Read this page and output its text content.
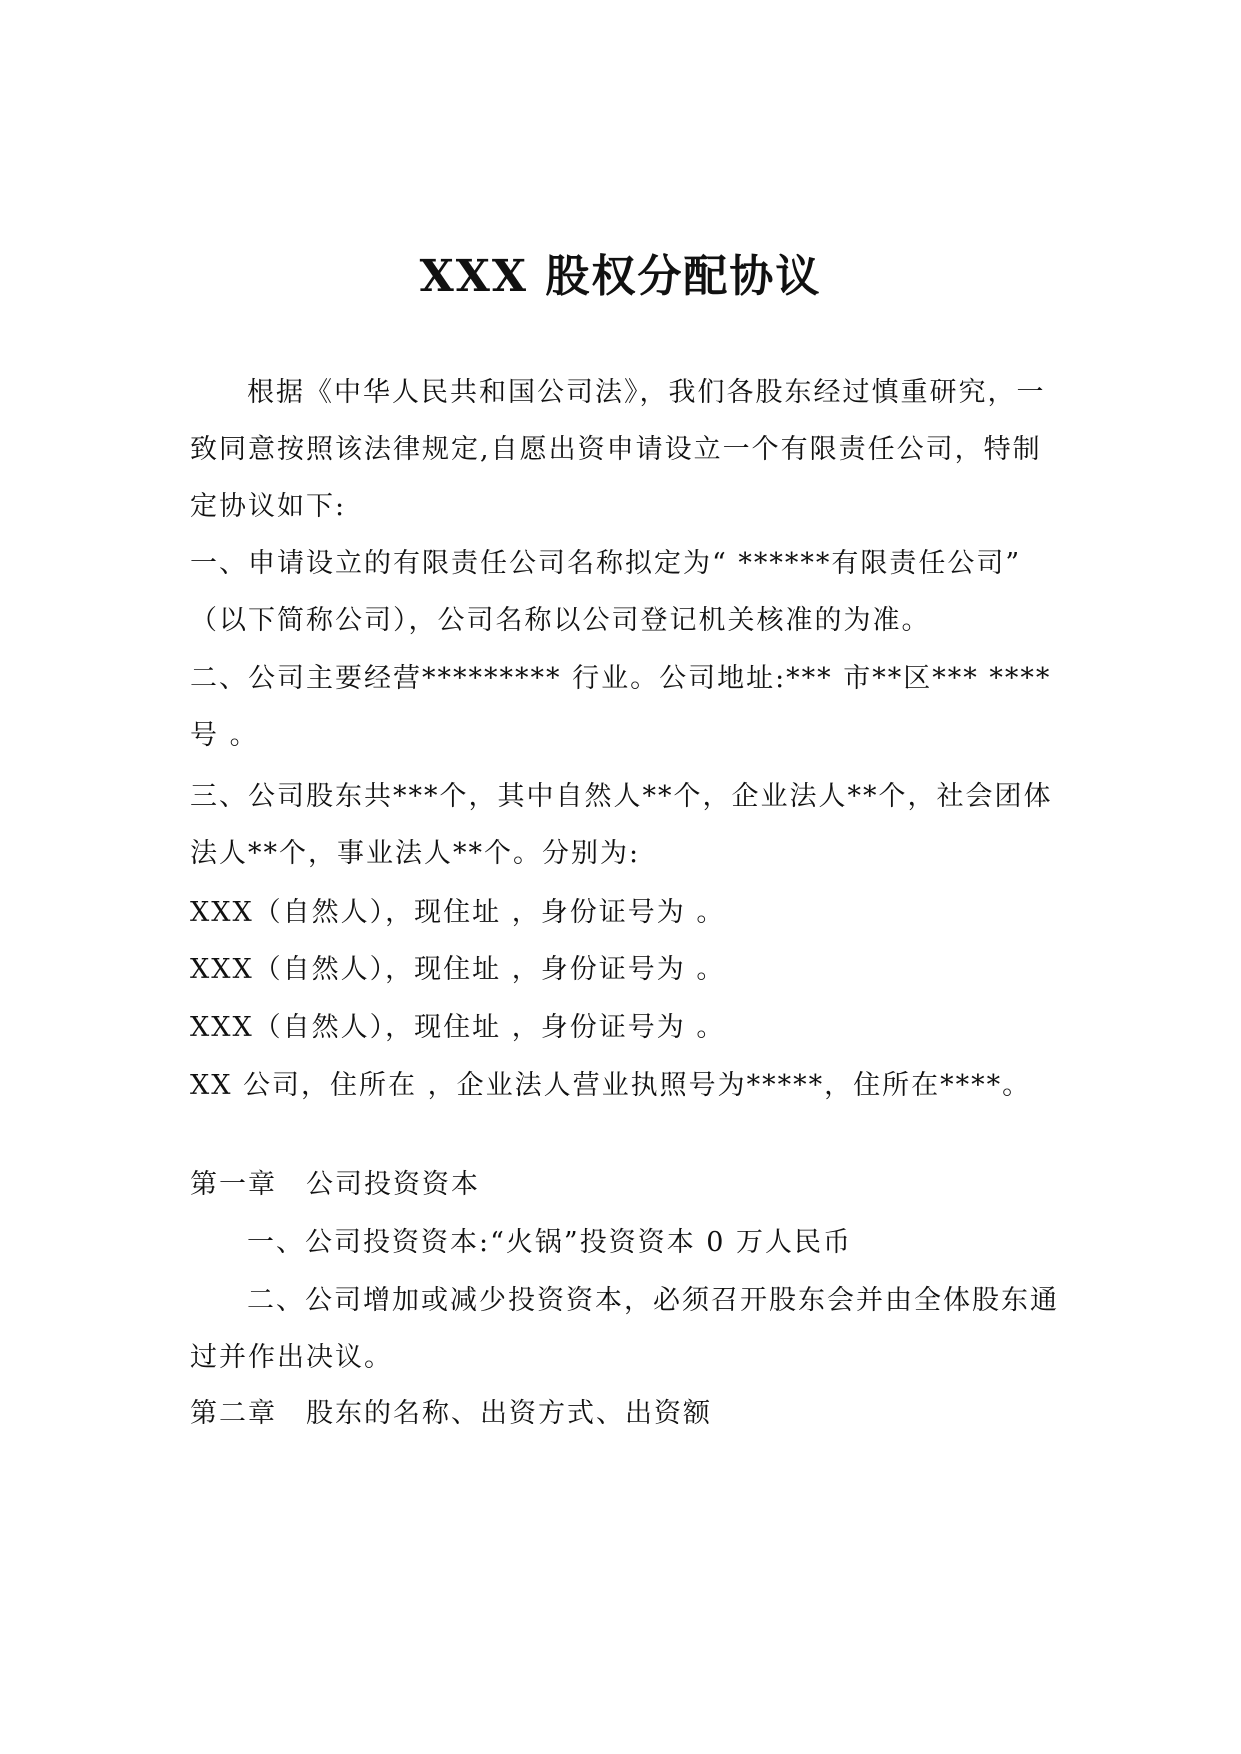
XXX 股权分配协议
根据《中华人民共和国公司法》，我们各股东经过慎重研究，一
致同意按照该法律规定,自愿出资申请设立一个有限责任公司，特制
定协议如下:
一、申请设立的有限责任公司名称拟定为“ ******有限责任公司”
（以下简称公司），公司名称以公司登记机关核准的为准。
二、公司主要经营********* 行业。公司地址:*** 市**区*** ****
号 。
三、公司股东共***个，其中自然人**个，企业法人**个，社会团体
法人**个，事业法人**个。分别为:
XXX（自然人），现住址 ，身份证号为 。
XXX（自然人），现住址 ，身份证号为 。
XXX（自然人），现住址 ，身份证号为 。
XX 公司，住所在 ，企业法人营业执照号为*****，住所在****。
第一章　公司投资资本
一、公司投资资本:“火锅”投资资本 0 万人民币
二、公司增加或减少投资资本，必须召开股东会并由全体股东通
过并作出决议。
第二章　股东的名称、出资方式、出资额
